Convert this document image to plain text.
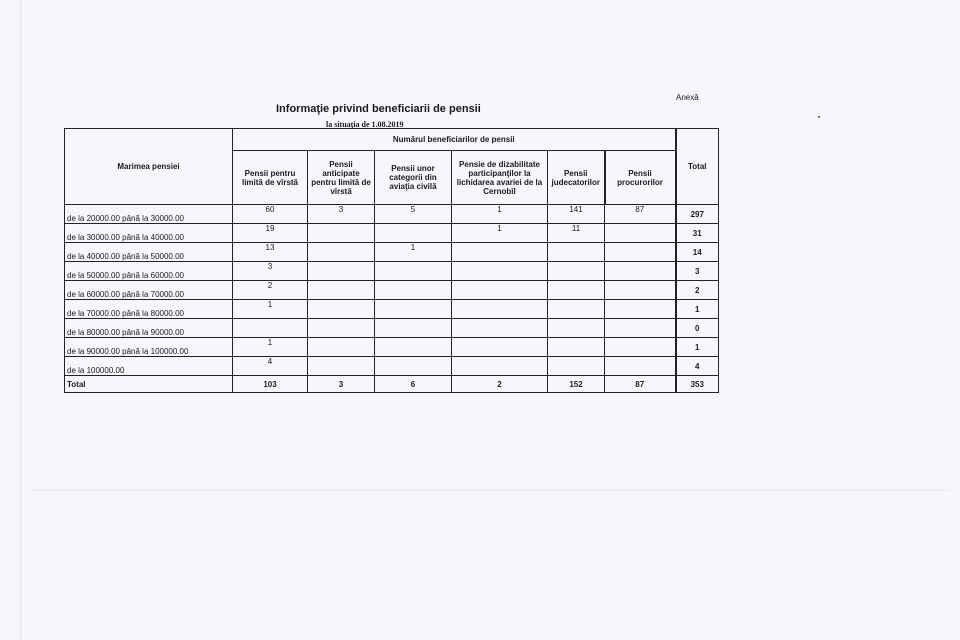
Anexă
Informaţie privind beneficiarii de pensii
la situaţia de 1.08.2019
Marimea pensiei	Numărul beneficiarilor de pensii						Total
	Pensii pentru limită de vîrstă	Pensii anticipate pentru limită de vîrstă	Pensii unor categorii din aviaţia civilă	Pensie de dizabilitate participanţilor la lichidarea avariei de la Cernobîl	Pensii judecatorilor	Pensii procurorilor	
de la 20000.00 până la 30000.00	60	3	5	1	141	87	297
de la 30000.00 până la 40000.00	19			1	11		31
de la 40000.00 până la 50000.00	13		1				14
de la 50000.00 până la 60000.00	3						3
de la 60000.00 până la 70000.00	2						2
de la 70000.00 până la 80000.00	1						1
de la 80000.00 până la 90000.00							0
de la 90000.00 până la 100000.00	1						1
de la 100000.00	4						4
Total	103	3	6	2	152	87	353
